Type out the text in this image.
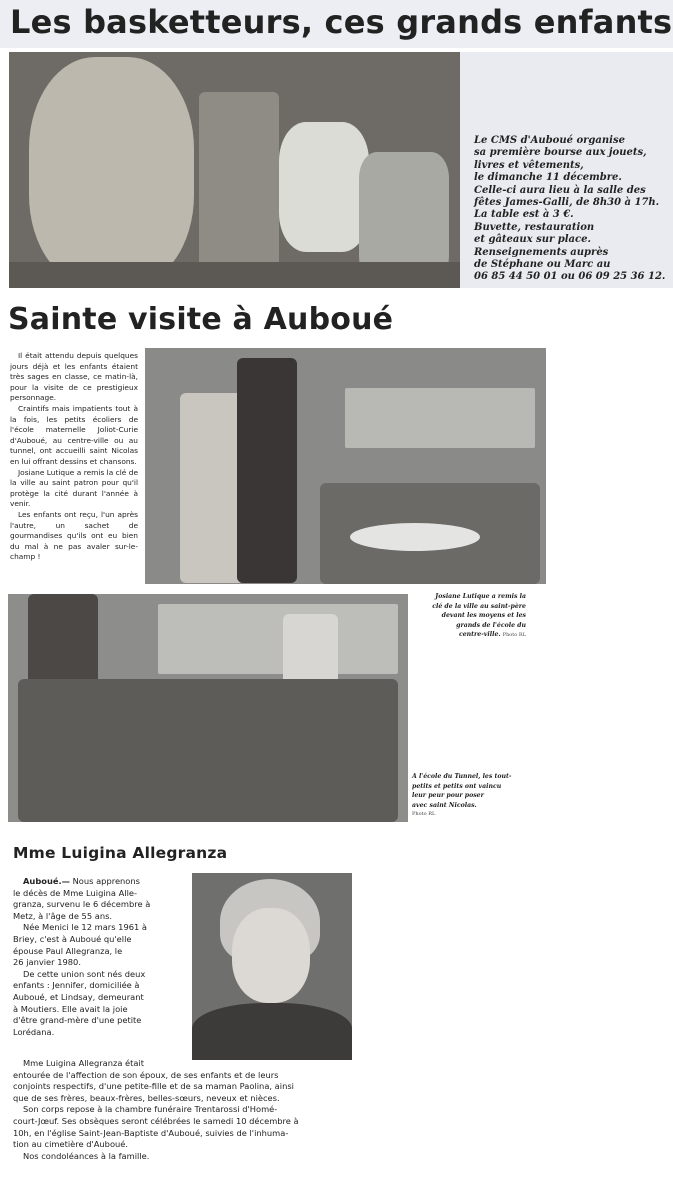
Les basketteurs, ces grands enfants
Le CMS d'Auboué organise
sa première bourse aux jouets,
livres et vêtements,
le dimanche 11 décembre.
Celle-ci aura lieu à la salle des
fêtes James-Galli, de 8h30 à 17h.
La table est à 3 €.
Buvette, restauration
et gâteaux sur place.
Renseignements auprès
de Stéphane ou Marc au
06 85 44 50 01 ou 06 09 25 36 12.
Sainte visite à Auboué
Il était attendu depuis quelques jours déjà et les enfants étaient très sages en classe, ce matin-là, pour la visite de ce prestigieux personnage.
Craintifs mais impatients tout à la fois, les petits écoliers de l'école maternelle Joliot-Curie d'Auboué, au centre-ville ou au tunnel, ont accueilli saint Nicolas en lui offrant dessins et chansons.
Josiane Lutique a remis la clé de la ville au saint patron pour qu'il protège la cité durant l'année à venir.
Les enfants ont reçu, l'un après l'autre, un sachet de gourmandises qu'ils ont eu bien du mal à ne pas avaler sur-le-champ !
Josiane Lutique a remis la
clé de la ville au saint-père
devant les moyens et les
grands de l'école du
centre-ville. Photo RL
A l'école du Tunnel, les tout-
petits et petits ont vaincu
leur peur pour poser
avec saint Nicolas.
Photo RL
Mme Luigina Allegranza
Auboué.— Nous apprenons
le décès de Mme Luigina Alle-
granza, survenu le 6 décembre à
Metz, à l'âge de 55 ans.
Née Menici le 12 mars 1961 à
Briey, c'est à Auboué qu'elle
épouse Paul Allegranza, le
26 janvier 1980.
De cette union sont nés deux
enfants : Jennifer, domiciliée à
Auboué, et Lindsay, demeurant
à Moutiers. Elle avait la joie
d'être grand-mère d'une petite
Lorédana.
Mme Luigina Allegranza était
entourée de l'affection de son époux, de ses enfants et de leurs
conjoints respectifs, d'une petite-fille et de sa maman Paolina, ainsi
que de ses frères, beaux-frères, belles-sœurs, neveux et nièces.
Son corps repose à la chambre funéraire Trentarossi d'Homé-
court-Jœuf. Ses obsèques seront célébrées le samedi 10 décembre à
10h, en l'église Saint-Jean-Baptiste d'Auboué, suivies de l'inhuma-
tion au cimetière d'Auboué.
Nos condoléances à la famille.
